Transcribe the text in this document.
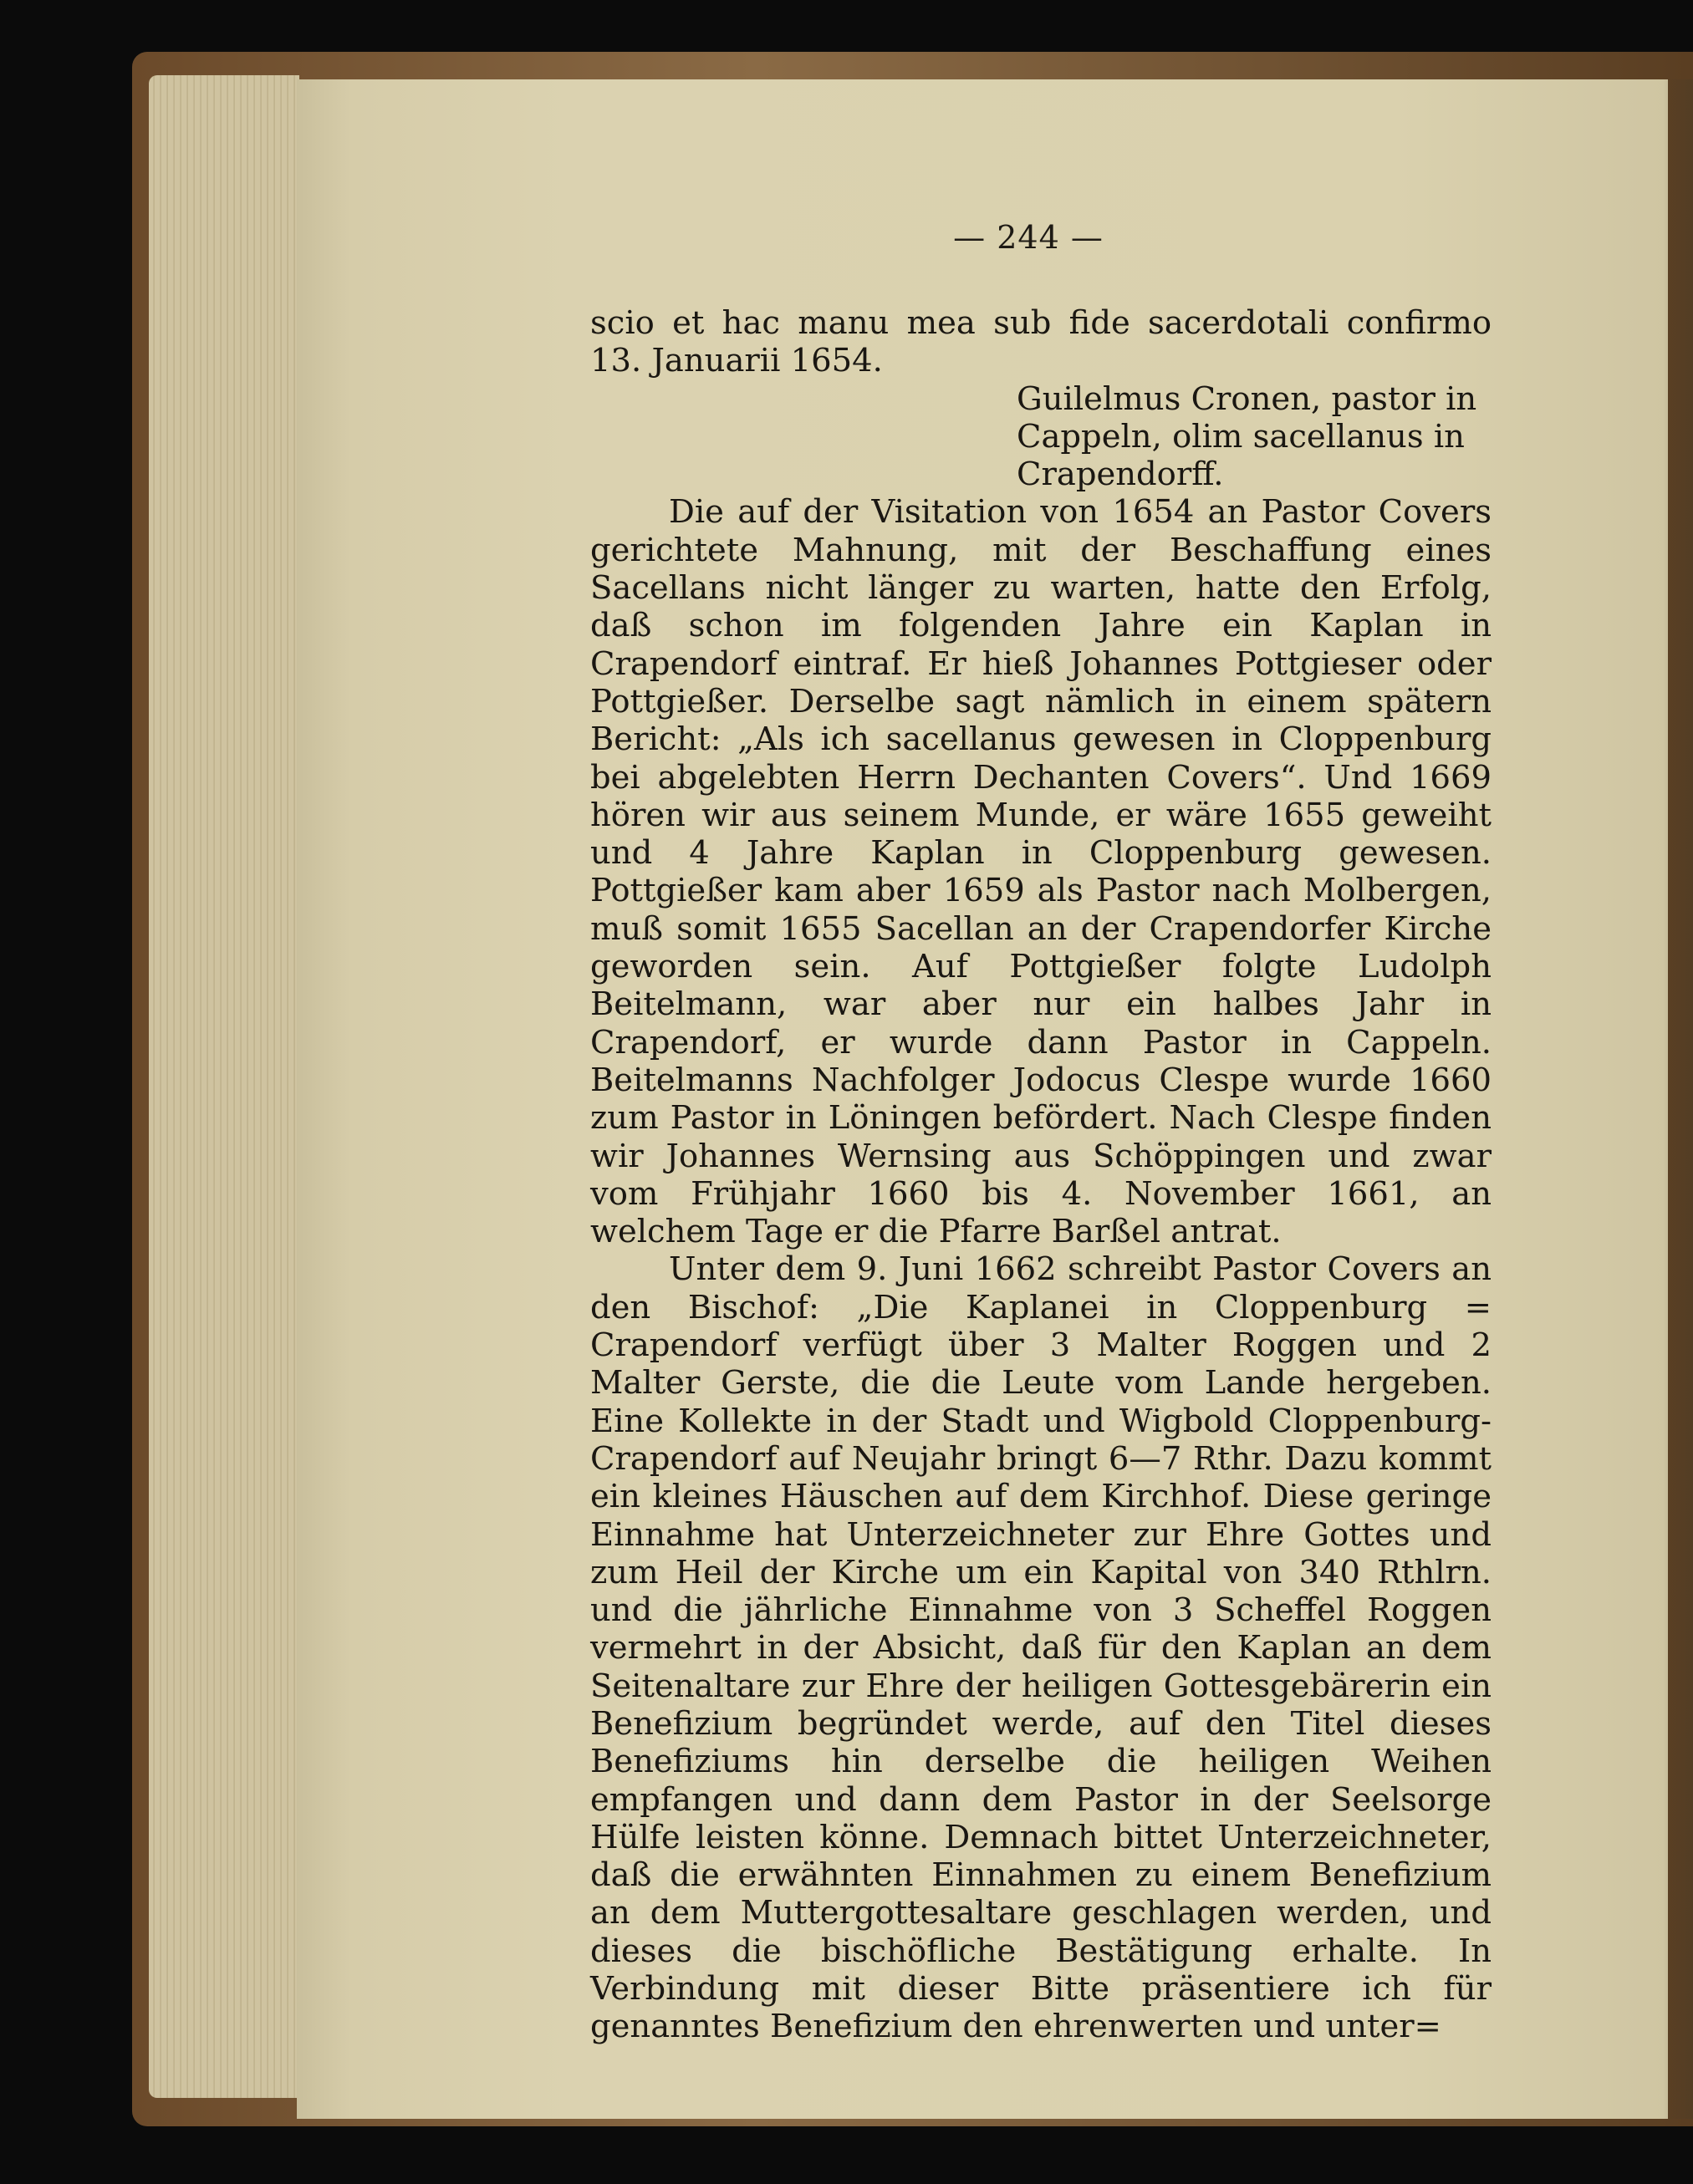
— 244 —

scio et hac manu mea sub fide sacerdotali confirmo 13. Januarii 1654.

Guilelmus Cronen, pastor in Cappeln, olim sacellanus in Crapendorff.

Die auf der Visitation von 1654 an Pastor Covers gerichtete Mahnung, mit der Beschaffung eines Sacellans nicht länger zu warten, hatte den Erfolg, daß schon im folgenden Jahre ein Kaplan in Crapendorf eintraf. Er hieß Johannes Pottgieser oder Pottgießer. Derselbe sagt nämlich in einem spätern Bericht: „Als ich sacellanus gewesen in Cloppenburg bei abgelebten Herrn Dechanten Covers“. Und 1669 hören wir aus seinem Munde, er wäre 1655 geweiht und 4 Jahre Kaplan in Cloppenburg gewesen. Pottgießer kam aber 1659 als Pastor nach Molbergen, muß somit 1655 Sacellan an der Crapendorfer Kirche geworden sein. Auf Pottgießer folgte Ludolph Beitelmann, war aber nur ein halbes Jahr in Crapendorf, er wurde dann Pastor in Cappeln. Beitelmanns Nachfolger Jodocus Clespe wurde 1660 zum Pastor in Löningen befördert. Nach Clespe finden wir Johannes Wernsing aus Schöppingen und zwar vom Frühjahr 1660 bis 4. November 1661, an welchem Tage er die Pfarre Barßel antrat.

Unter dem 9. Juni 1662 schreibt Pastor Covers an den Bischof: „Die Kaplanei in Cloppenburg = Crapendorf verfügt über 3 Malter Roggen und 2 Malter Gerste, die die Leute vom Lande hergeben. Eine Kollekte in der Stadt und Wigbold Cloppenburg-Crapendorf auf Neujahr bringt 6—7 Rthr. Dazu kommt ein kleines Häuschen auf dem Kirchhof. Diese geringe Einnahme hat Unterzeichneter zur Ehre Gottes und zum Heil der Kirche um ein Kapital von 340 Rthlrn. und die jährliche Einnahme von 3 Scheffel Roggen vermehrt in der Absicht, daß für den Kaplan an dem Seitenaltare zur Ehre der heiligen Gottesgebärerin ein Benefizium begründet werde, auf den Titel dieses Benefiziums hin derselbe die heiligen Weihen empfangen und dann dem Pastor in der Seelsorge Hülfe leisten könne. Demnach bittet Unterzeichneter, daß die erwähnten Einnahmen zu einem Benefizium an dem Muttergottesaltare geschlagen werden, und dieses die bischöfliche Bestätigung erhalte. In Verbindung mit dieser Bitte präsentiere ich für genanntes Benefizium den ehrenwerten und unter=
